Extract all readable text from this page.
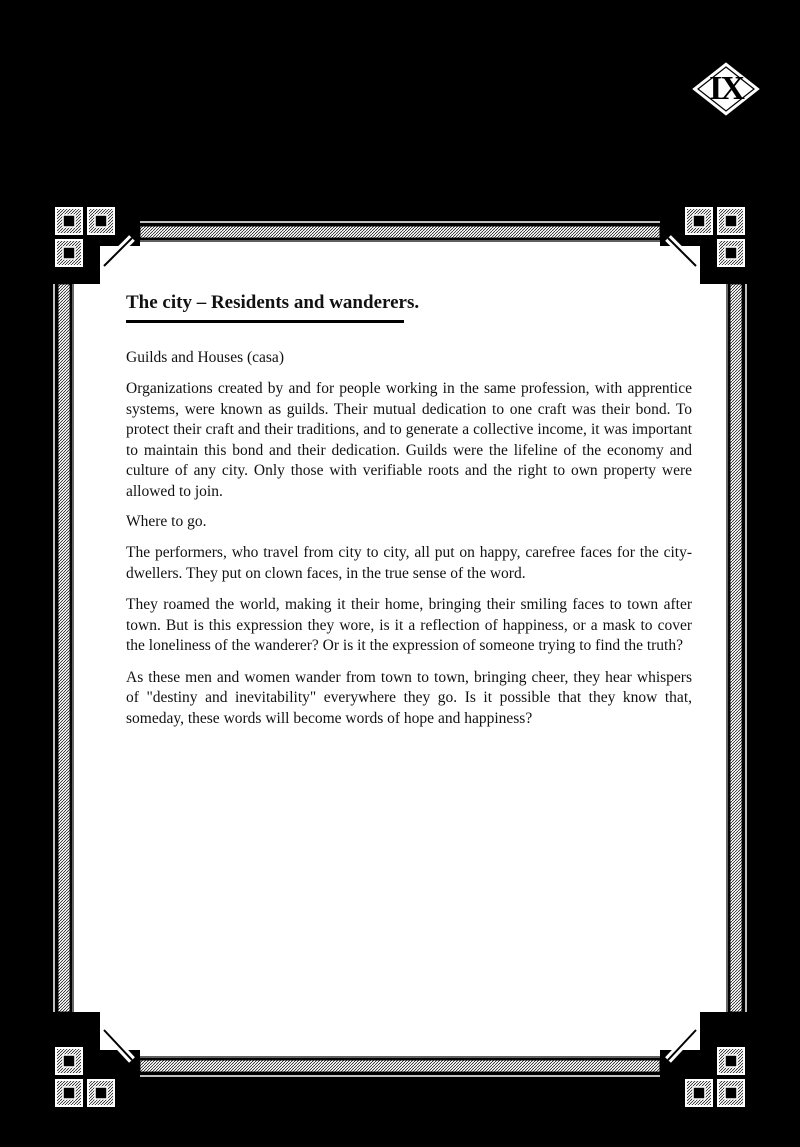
IX
The city – Residents and wanderers.

Guilds and Houses (casa)

Organizations created by and for people working in the same profession, with apprentice systems, were known as guilds. Their mutual dedication to one craft was their bond. To protect their craft and their traditions, and to generate a collective income, it was important to maintain this bond and their dedication. Guilds were the lifeline of the economy and culture of any city. Only those with verifiable roots and the right to own property were allowed to join.

Where to go.

The performers, who travel from city to city, all put on happy, carefree faces for the city-dwellers. They put on clown faces, in the true sense of the word.

They roamed the world, making it their home, bringing their smiling faces to town after town. But is this expression they wore, is it a reflection of happiness, or a mask to cover the loneliness of the wanderer? Or is it the expression of someone trying to find the truth?

As these men and women wander from town to town, bringing cheer, they hear whispers of "destiny and inevitability" everywhere they go. Is it possible that they know that, someday, these words will become words of hope and happiness?
